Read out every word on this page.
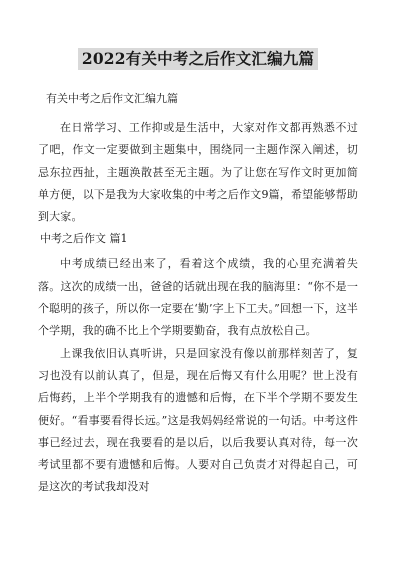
2022有关中考之后作文汇编九篇
有关中考之后作文汇编九篇

在日常学习、工作抑或是生活中，大家对作文都再熟悉不过了吧，作文一定要做到主题集中，围绕同一主题作深入阐述，切忌东拉西扯，主题涣散甚至无主题。为了让您在写作文时更加简单方便，以下是我为大家收集的中考之后作文9篇，希望能够帮助到大家。

中考之后作文 篇1

中考成绩已经出来了，看着这个成绩，我的心里充满着失落。这次的成绩一出，爸爸的话就出现在我的脑海里：“你不是一个聪明的孩子，所以你一定要在‘勤’字上下工夫。”回想一下，这半个学期，我的确不比上个学期要勤奋，我有点放松自己。

上课我依旧认真听讲，只是回家没有像以前那样刻苦了，复习也没有以前认真了，但是，现在后悔又有什么用呢？世上没有后悔药，上半个学期我有的遗憾和后悔，在下半个学期不要发生便好。“看事要看得长远。”这是我妈妈经常说的一句话。中考这件事已经过去，现在我要看的是以后，以后我要认真对待，每一次考试里都不要有遗憾和后悔。人要对自己负责才对得起自己，可是这次的考试我却没对
